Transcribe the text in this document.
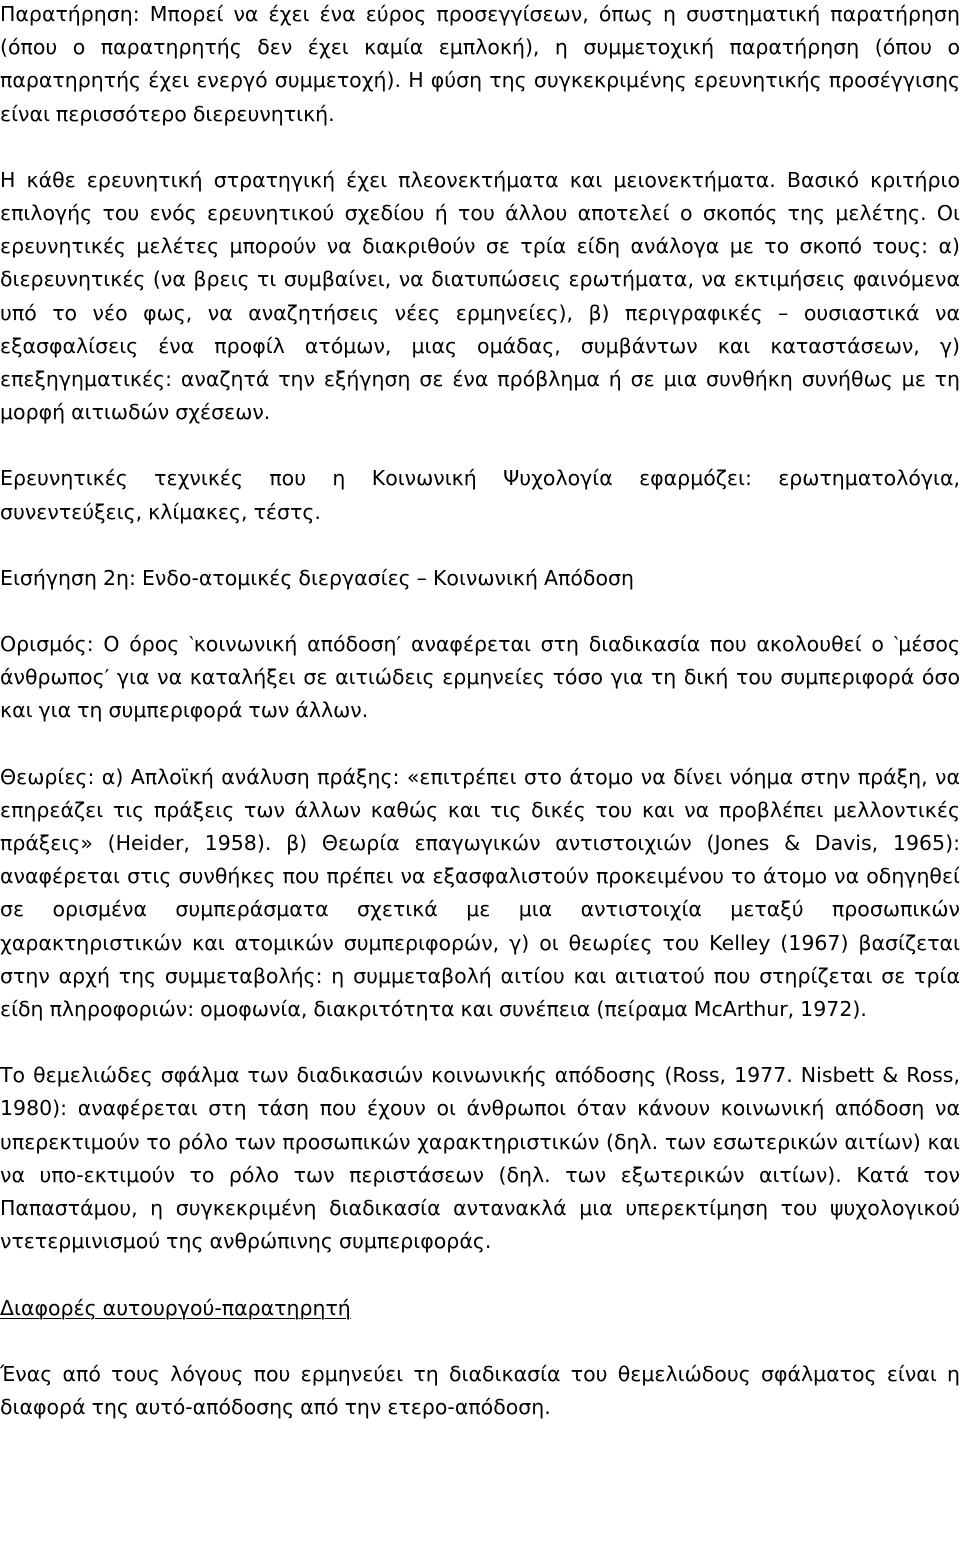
Παρατήρηση: Μπορεί να έχει ένα εύρος προσεγγίσεων, όπως η συστηματική παρατήρηση (όπου ο παρατηρητής δεν έχει καμία εμπλοκή), η συμμετοχική παρατήρηση (όπου ο παρατηρητής έχει ενεργό συμμετοχή). Η φύση της συγκεκριμένης ερευνητικής προσέγγισης είναι περισσότερο διερευνητική.

Η κάθε ερευνητική στρατηγική έχει πλεονεκτήματα και μειονεκτήματα. Βασικό κριτήριο επιλογής του ενός ερευνητικού σχεδίου ή του άλλου αποτελεί ο σκοπός της μελέτης. Οι ερευνητικές μελέτες μπορούν να διακριθούν σε τρία είδη ανάλογα με το σκοπό τους: α) διερευνητικές (να βρεις τι συμβαίνει, να διατυπώσεις ερωτήματα, να εκτιμήσεις φαινόμενα υπό το νέο φως, να αναζητήσεις νέες ερμηνείες), β) περιγραφικές – ουσιαστικά να εξασφαλίσεις ένα προφίλ ατόμων, μιας ομάδας, συμβάντων και καταστάσεων, γ) επεξηγηματικές: αναζητά την εξήγηση σε ένα πρόβλημα ή σε μια συνθήκη συνήθως με τη μορφή αιτιωδών σχέσεων.

Ερευνητικές τεχνικές που η Κοινωνική Ψυχολογία εφαρμόζει: ερωτηματολόγια, συνεντεύξεις, κλίμακες, τέστς.

Εισήγηση 2η: Ενδο-ατομικές διεργασίες – Κοινωνική Απόδοση

Ορισμός: Ο όρος ‵κοινωνική απόδοση′ αναφέρεται στη διαδικασία που ακολουθεί ο ‵μέσος άνθρωπος′ για να καταλήξει σε αιτιώδεις ερμηνείες τόσο για τη δική του συμπεριφορά όσο και για τη συμπεριφορά των άλλων.

Θεωρίες: α) Απλοϊκή ανάλυση πράξης: «επιτρέπει στο άτομο να δίνει νόημα στην πράξη, να επηρεάζει τις πράξεις των άλλων καθώς και τις δικές του και να προβλέπει μελλοντικές πράξεις» (Heider, 1958). β) Θεωρία επαγωγικών αντιστοιχιών (Jones & Davis, 1965): αναφέρεται στις συνθήκες που πρέπει να εξασφαλιστούν προκειμένου το άτομο να οδηγηθεί σε ορισμένα συμπεράσματα σχετικά με μια αντιστοιχία μεταξύ προσωπικών χαρακτηριστικών και ατομικών συμπεριφορών, γ) οι θεωρίες του Kelley (1967) βασίζεται στην αρχή της συμμεταβολής: η συμμεταβολή αιτίου και αιτιατού που στηρίζεται σε τρία είδη πληροφοριών: ομοφωνία, διακριτότητα και συνέπεια (πείραμα McArthur, 1972).

Το θεμελιώδες σφάλμα των διαδικασιών κοινωνικής απόδοσης (Ross, 1977. Nisbett & Ross, 1980): αναφέρεται στη τάση που έχουν οι άνθρωποι όταν κάνουν κοινωνική απόδοση να υπερεκτιμούν το ρόλο των προσωπικών χαρακτηριστικών (δηλ. των εσωτερικών αιτίων) και να υπο-εκτιμούν το ρόλο των περιστάσεων (δηλ. των εξωτερικών αιτίων). Κατά τον Παπαστάμου, η συγκεκριμένη διαδικασία αντανακλά μια υπερεκτίμηση του ψυχολογικού ντετερμινισμού της ανθρώπινης συμπεριφοράς.

Διαφορές αυτουργού-παρατηρητή

Ένας από τους λόγους που ερμηνεύει τη διαδικασία του θεμελιώδους σφάλματος είναι η διαφορά της αυτό-απόδοσης από την ετερο-απόδοση.
